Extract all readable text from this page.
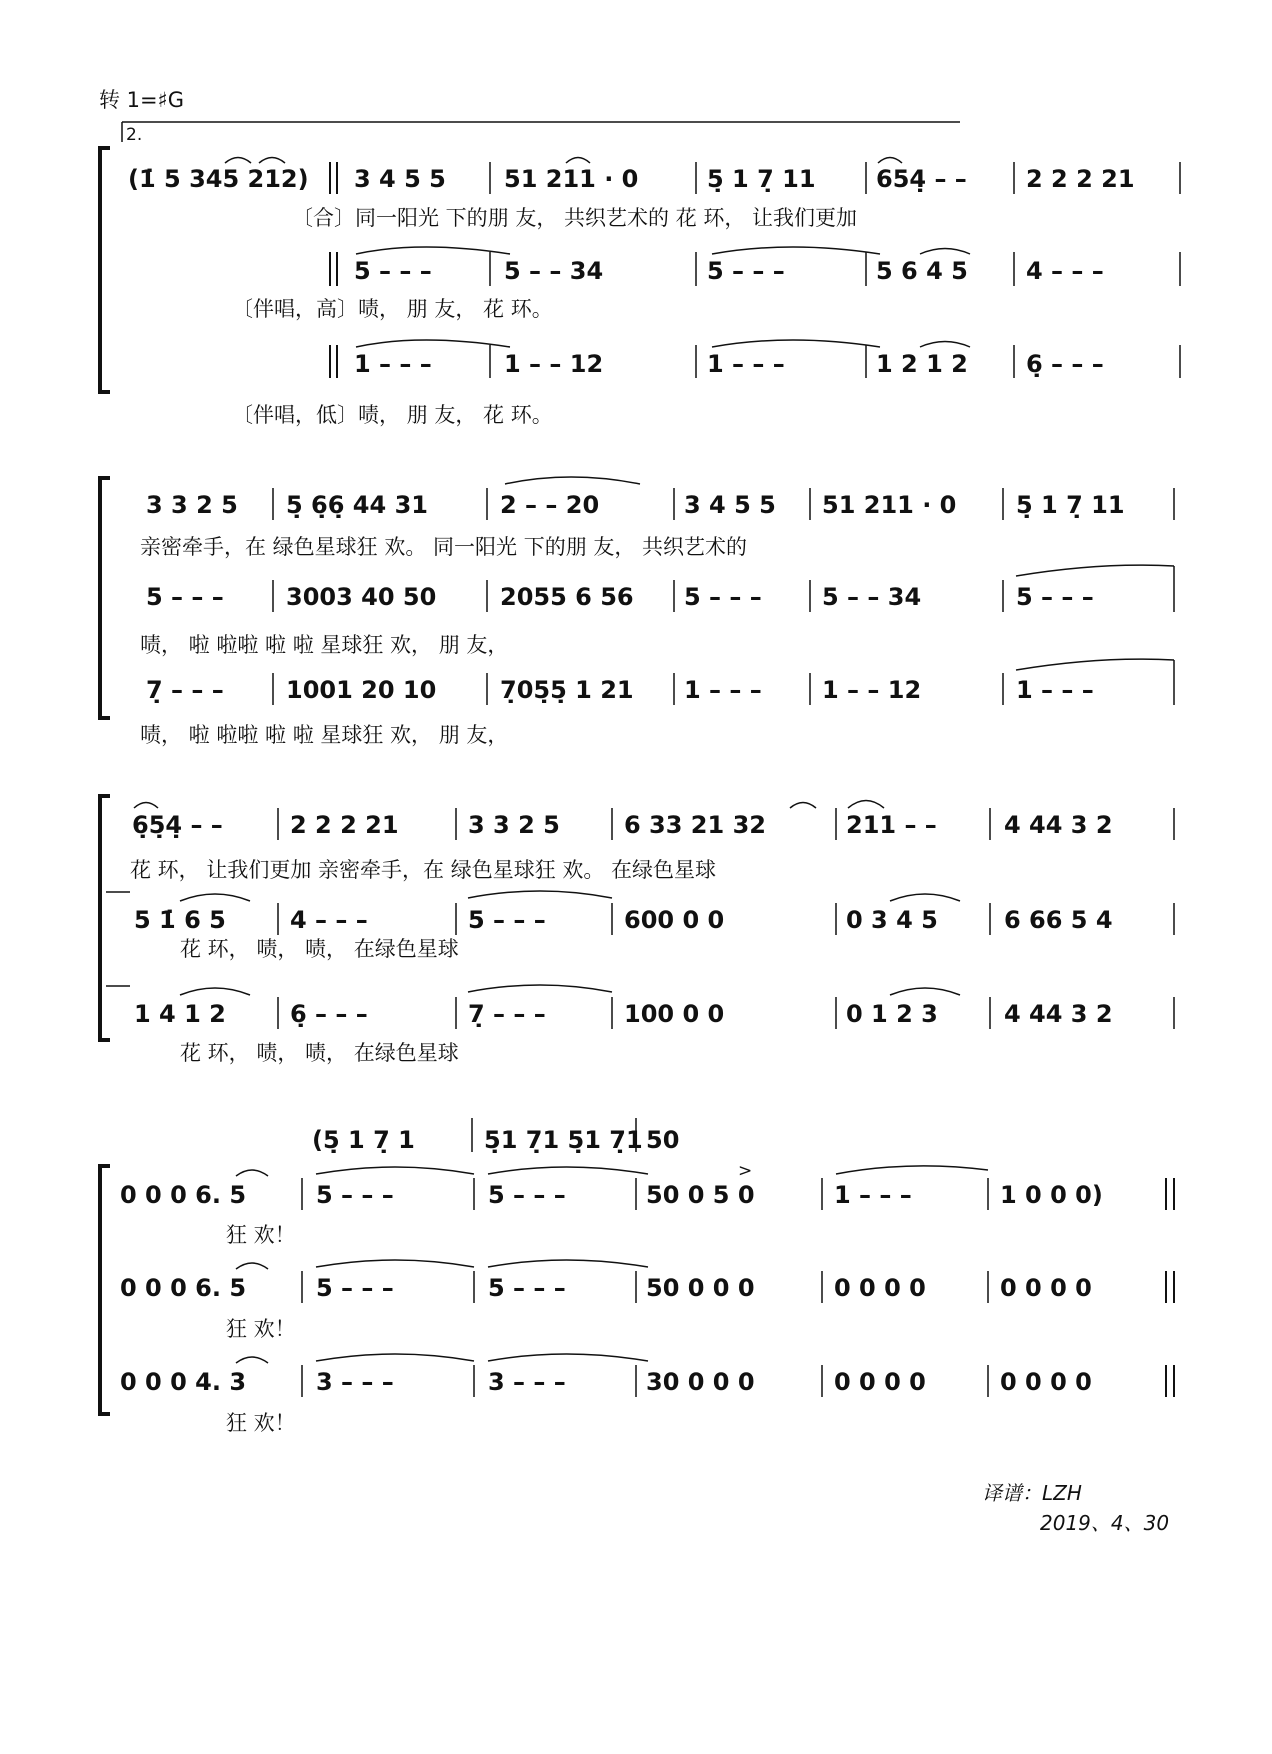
转 1=♯G
2.
(1̇ 5 345 212) 3 4 5 5 51 211 · 0	5̣ 1 7̣ 11	654̣ – – 2 2 2 21
〔合〕同一阳光 下的朋 友， 共织艺术的 花 环， 让我们更加
5 – – –	5 – – 34	5 – – –	5 6 4 5 4 – – –
〔伴唱，高〕啧， 朋 友， 花 环。
1 – – –	1 – – 12	1 – – –	1 2 1 2 6̣ – – –
〔伴唱，低〕啧， 朋 友， 花 环。
3 3 2 5 5̣ 6̣6̣ 44 31	2 – – 20	3 4 5 5 51 211 · 0 5̣ 1 7̣ 11
亲密牵手，在 绿色星球狂 欢。 同一阳光 下的朋 友， 共织艺术的
5 – – –	3003 40 50	2055 6 56 5 – – –	5 – – 34	5 – – –
啧， 啦 啦啦 啦 啦 星球狂 欢， 朋 友，
7̣ – – –	1001 20 10	7̣05̣5̣ 1 21 1 – – –	1 – – 12	1 – – –
啧， 啦 啦啦 啦 啦 星球狂 欢， 朋 友，
6̣5̣4̣ – –	2 2 2 21	3 3 2 5	6 33 21 32	211 – –	4 44 3 2
花 环， 让我们更加 亲密牵手，在 绿色星球狂 欢。 在绿色星球
5 1̇ 6 5	4 – – –	5 – – –	600 0 0	0 3 4 5	6 66 5 4
花 环， 啧， 啧， 在绿色星球
1 4 1 2	6̣ – – –	7̣ – – –	100 0 0	0 1 2 3	4 44 3 2
花 环， 啧， 啧， 在绿色星球
(5̣ 1 7̣ 1	5̣1 7̣1 5̣1 7̣1 50
0 0 0 6. 5	5 – – –	5 – – –	50 0 5 0
>
1 – – –	1 0 0 0)
狂 欢！
0 0 0 6. 5	5 – – –	5 – – –	50 0 0 0	0 0 0 0	0 0 0 0
狂 欢！
0 0 0 4. 3	3 – – –	3 – – –	30 0 0 0	0 0 0 0	0 0 0 0
狂 欢！
译谱：LZH
2019、4、30
